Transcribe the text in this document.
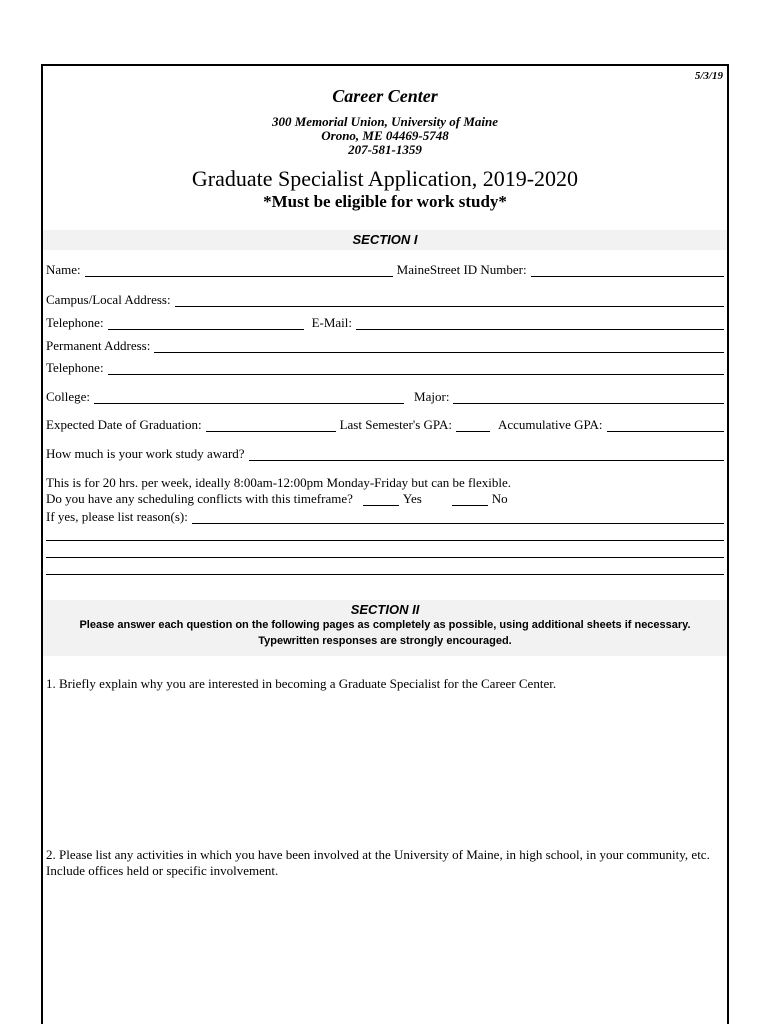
5/3/19
Career Center
300 Memorial Union, University of Maine
Orono, ME 04469-5748
207-581-1359
Graduate Specialist Application, 2019-2020
*Must be eligible for work study*
SECTION I
Name:	MaineStreet ID Number:
Campus/Local Address:
Telephone:	E-Mail:
Permanent Address:
Telephone:
College:	Major:
Expected Date of Graduation:	Last Semester's GPA:	Accumulative GPA:
How much is your work study award?
This is for 20 hrs. per week, ideally 8:00am-12:00pm Monday-Friday but can be flexible.
Do you have any scheduling conflicts with this timeframe?	Yes	No
If yes, please list reason(s):
SECTION II
Please answer each question on the following pages as completely as possible, using additional sheets if necessary.
Typewritten responses are strongly encouraged.
1. Briefly explain why you are interested in becoming a Graduate Specialist for the Career Center.
2. Please list any activities in which you have been involved at the University of Maine, in high school, in your community, etc. Include offices held or specific involvement.
